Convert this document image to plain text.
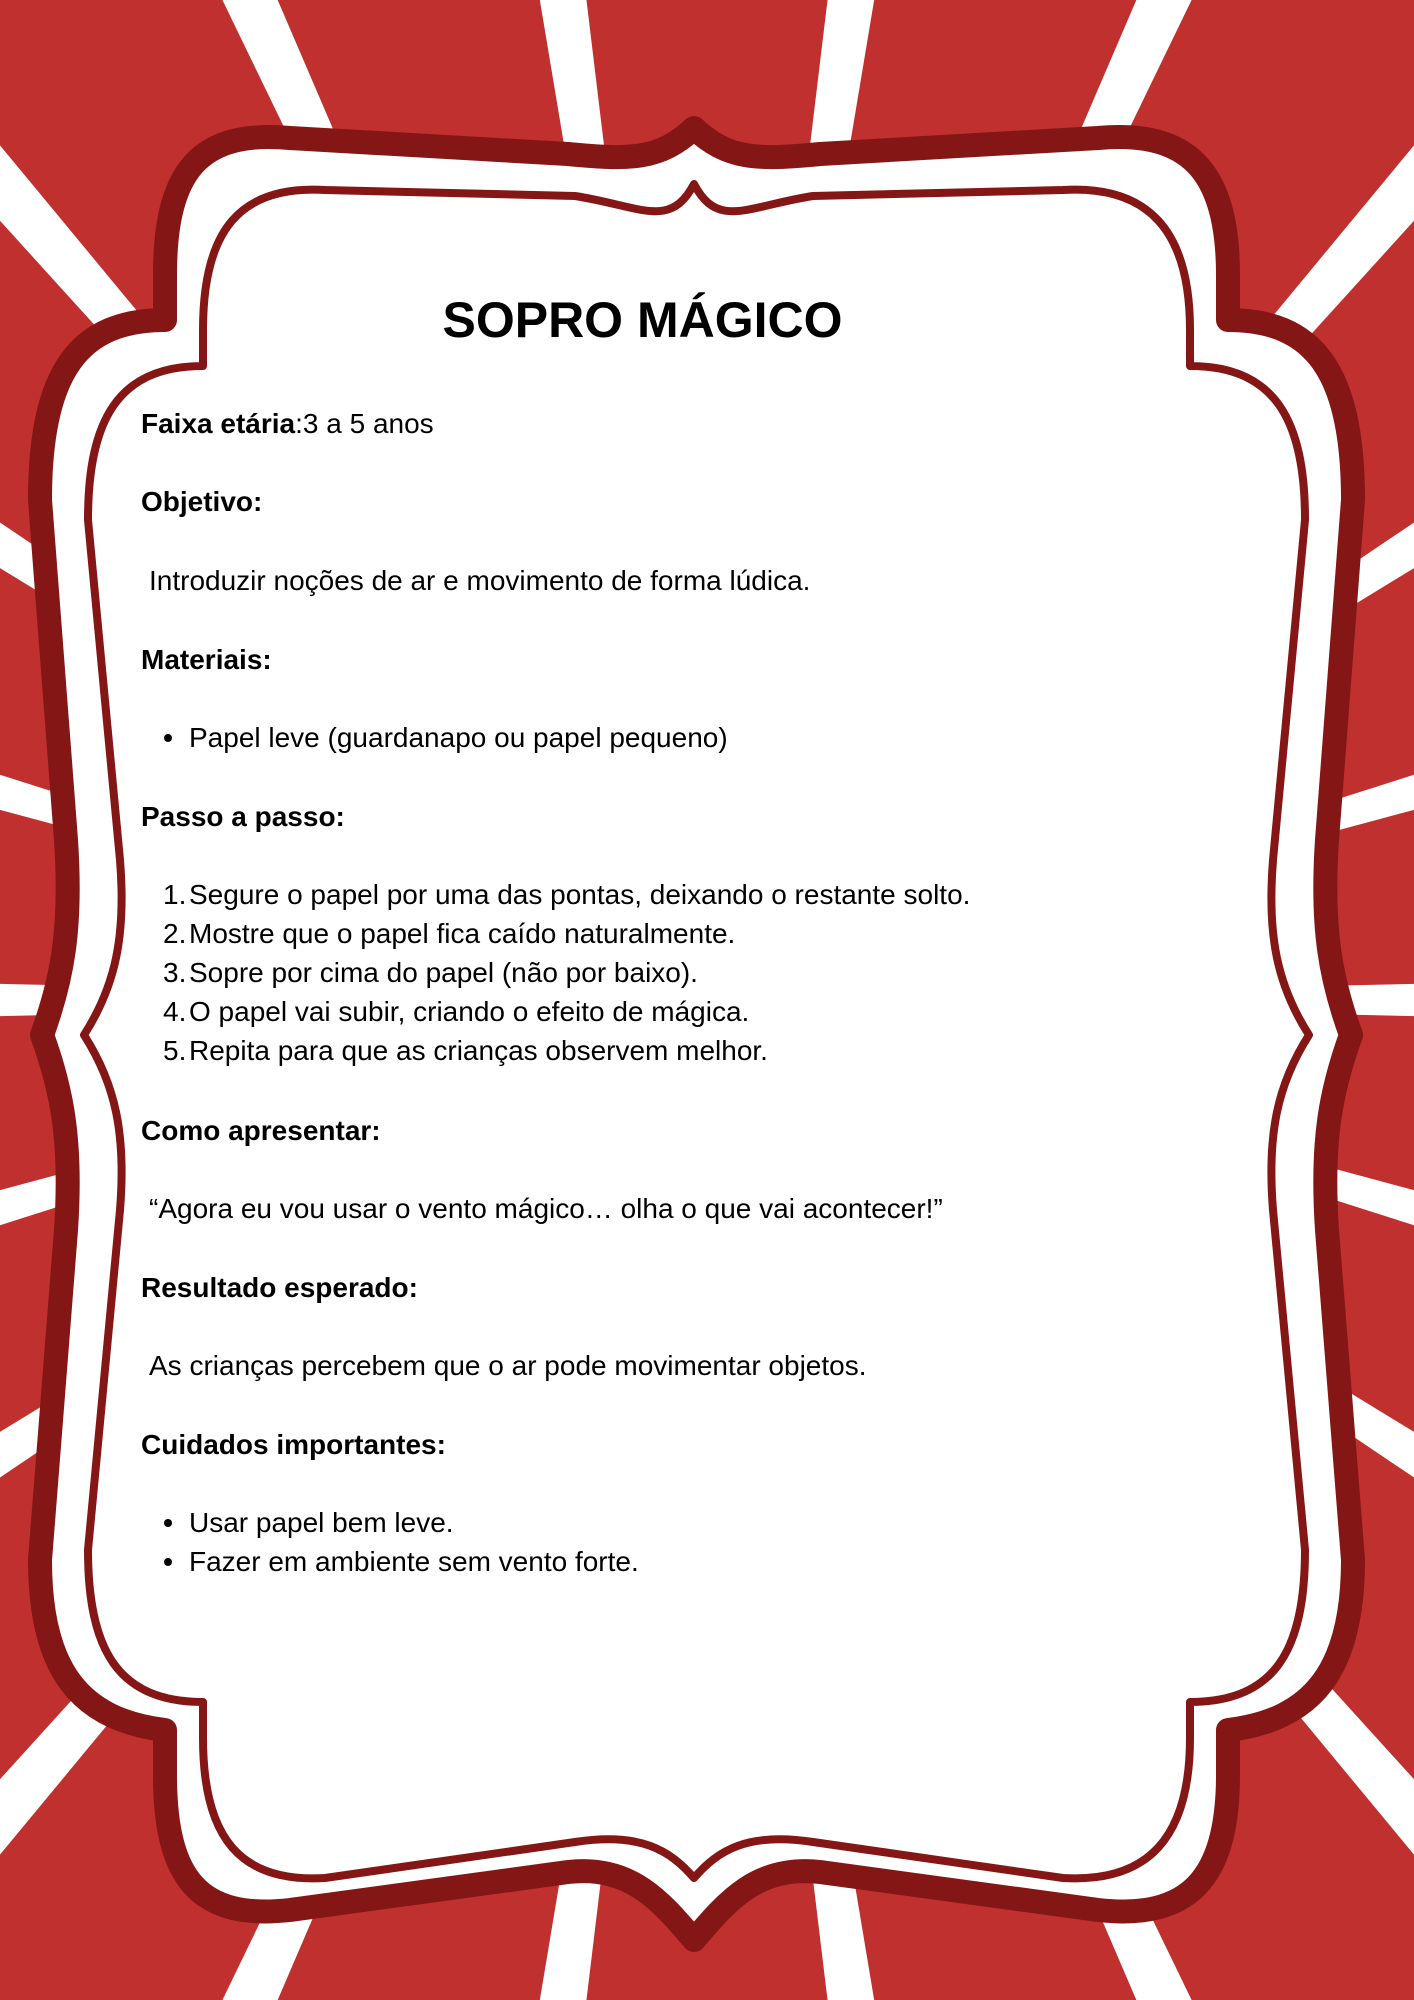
SOPRO MÁGICO
Faixa etária:3 a 5 anos
Objetivo:
Introduzir noções de ar e movimento de forma lúdica.
Materiais:
Papel leve (guardanapo ou papel pequeno)
Passo a passo:
1. Segure o papel por uma das pontas, deixando o restante solto.
2. Mostre que o papel fica caído naturalmente.
3. Sopre por cima do papel (não por baixo).
4. O papel vai subir, criando o efeito de mágica.
5. Repita para que as crianças observem melhor.
Como apresentar:
“Agora eu vou usar o vento mágico… olha o que vai acontecer!”
Resultado esperado:
As crianças percebem que o ar pode movimentar objetos.
Cuidados importantes:
Usar papel bem leve.
Fazer em ambiente sem vento forte.
